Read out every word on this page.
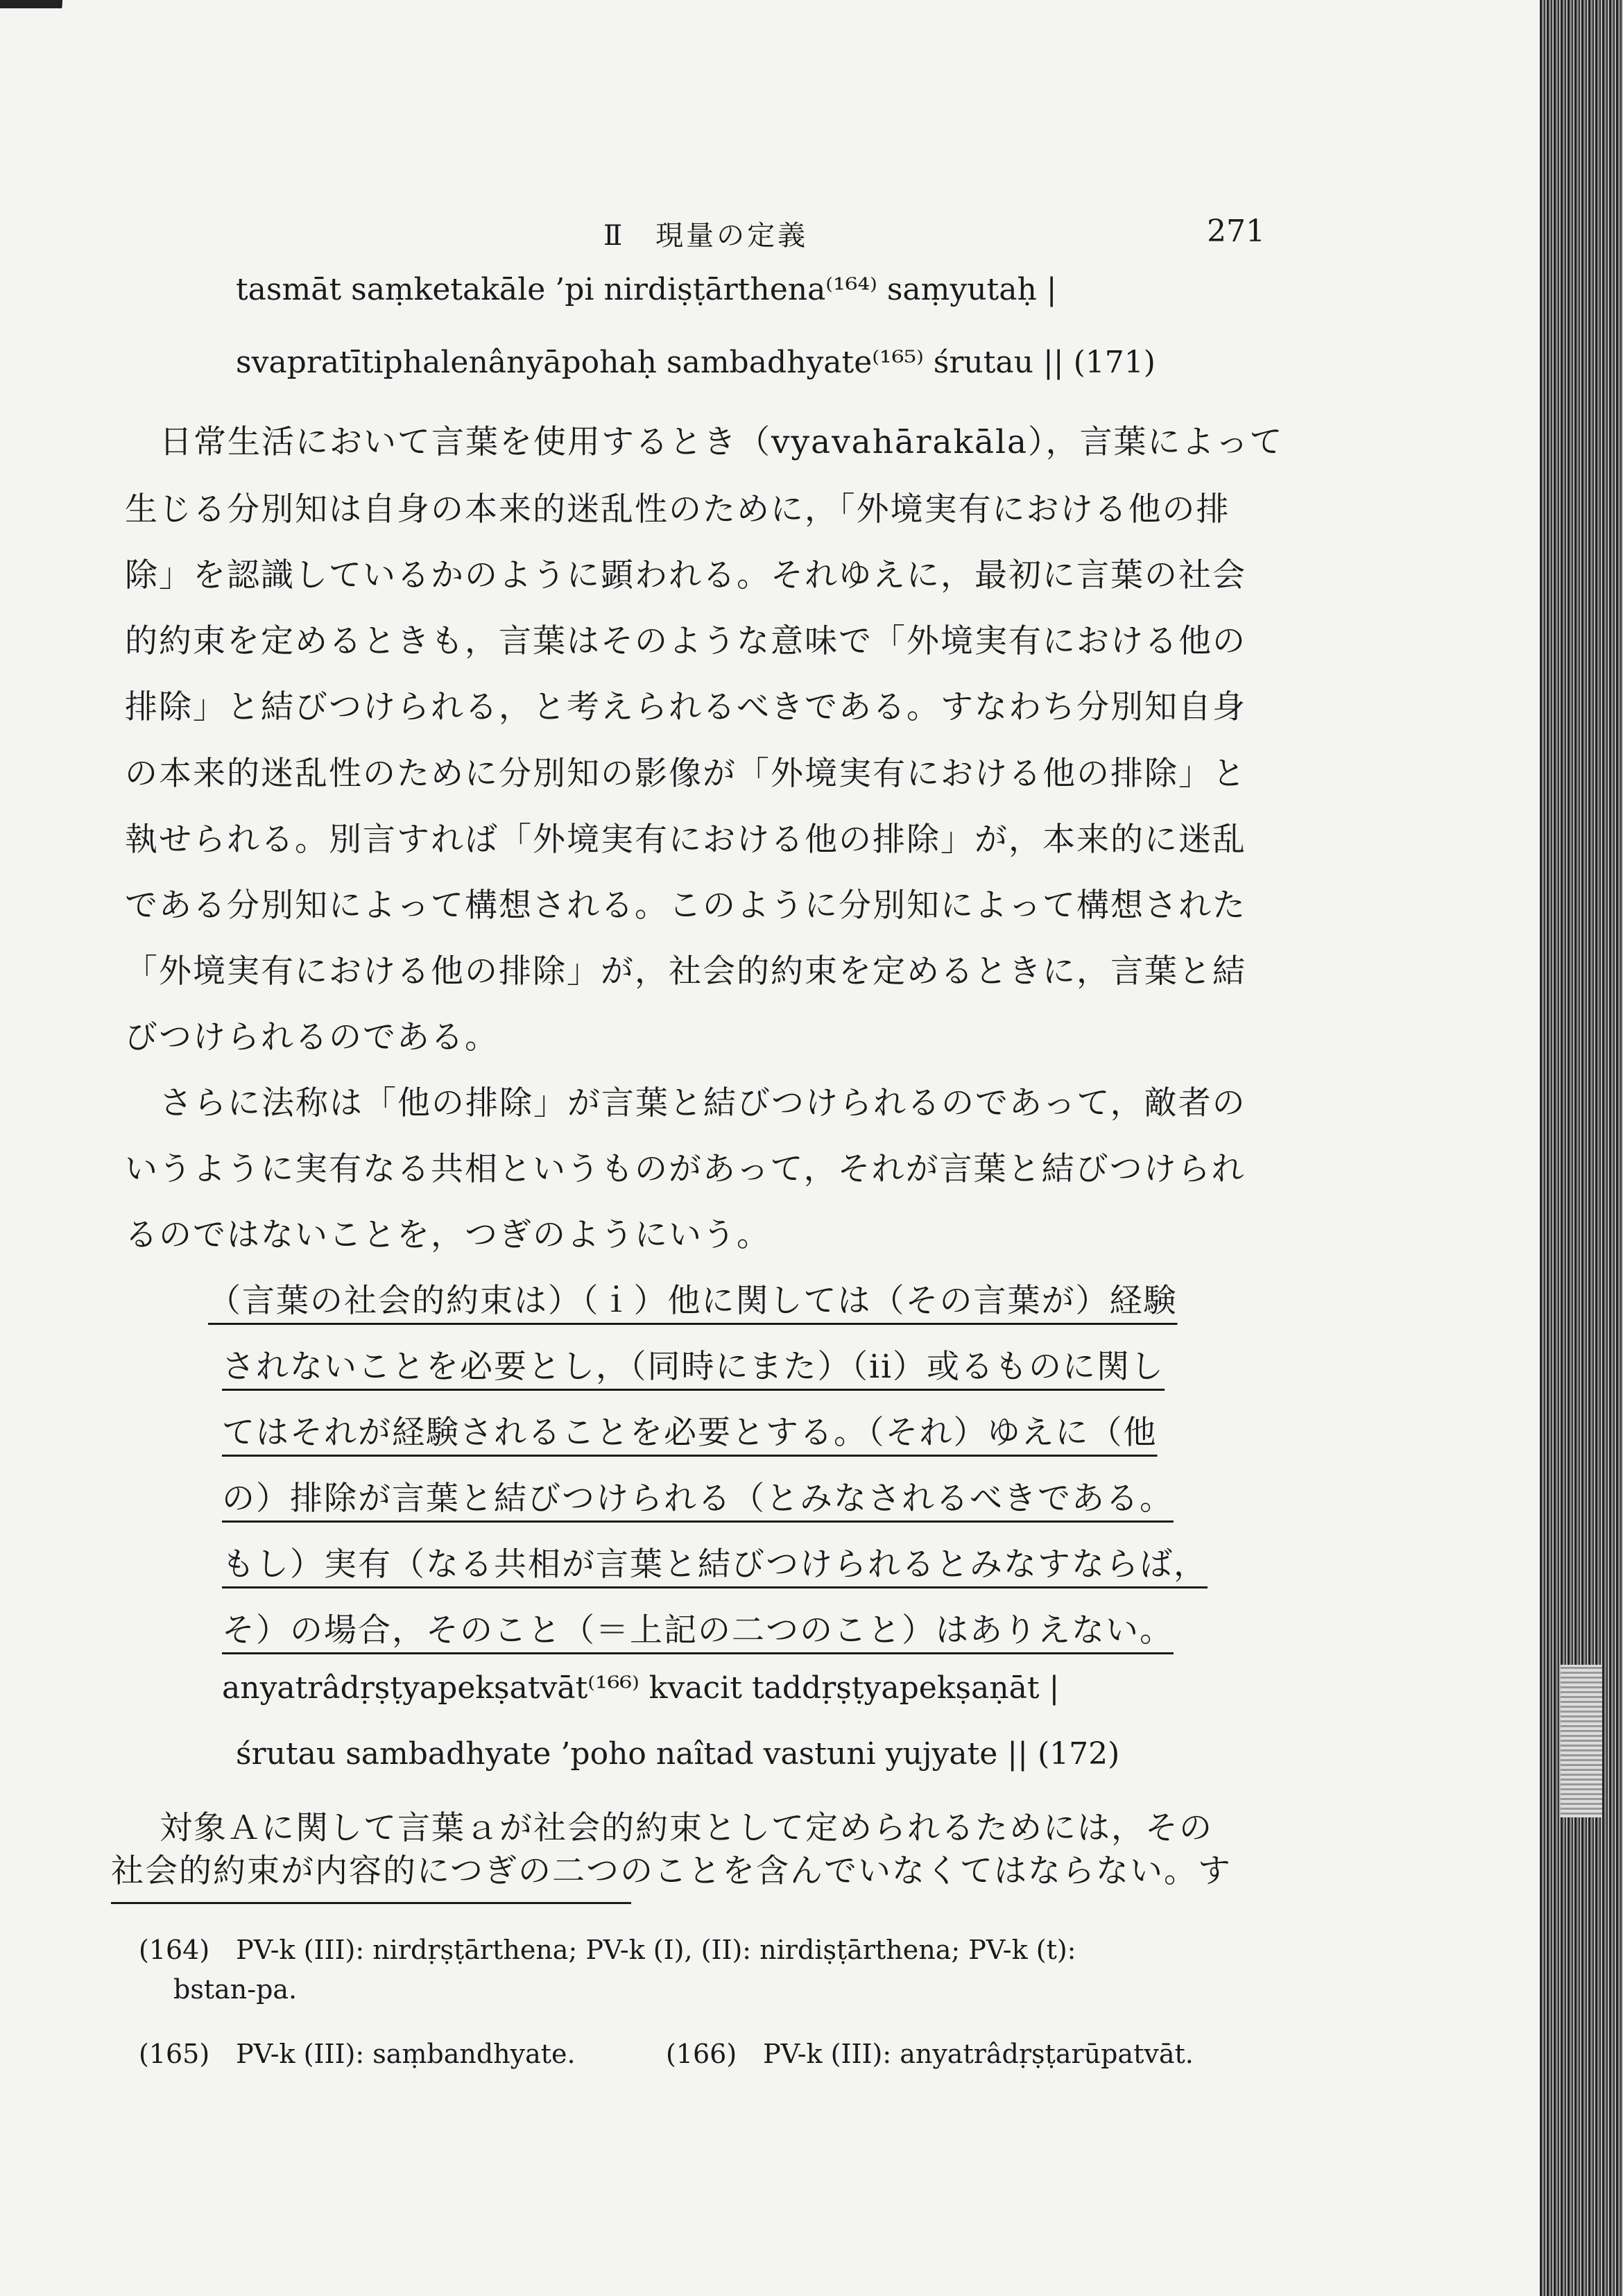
Ⅱ　現量の定義	271
tasmāt saṃketakāle ’pi nirdiṣṭārthena⁽¹⁶⁴⁾ saṃyutaḥ |
svapratītiphalenânyāpohaḥ sambadhyate⁽¹⁶⁵⁾ śrutau || (171)
日常生活において言葉を使用するとき（vyavahārakāla），言葉によって
生じる分別知は自身の本来的迷乱性のために，「外境実有における他の排
除」を認識しているかのように顕われる。それゆえに，最初に言葉の社会
的約束を定めるときも，言葉はそのような意味で「外境実有における他の
排除」と結びつけられる，と考えられるべきである。すなわち分別知自身
の本来的迷乱性のために分別知の影像が「外境実有における他の排除」と
執せられる。別言すれば「外境実有における他の排除」が，本来的に迷乱
である分別知によって構想される。このように分別知によって構想された
「外境実有における他の排除」が，社会的約束を定めるときに，言葉と結
びつけられるのである。
さらに法称は「他の排除」が言葉と結びつけられるのであって，敵者の
いうように実有なる共相というものがあって，それが言葉と結びつけられ
るのではないことを，つぎのようにいう。
（言葉の社会的約束は）（ｉ）他に関しては（その言葉が）経験
されないことを必要とし，（同時にまた）（ii）或るものに関し
てはそれが経験されることを必要とする。（それ）ゆえに（他
の）排除が言葉と結びつけられる（とみなされるべきである。
もし）実有（なる共相が言葉と結びつけられるとみなすならば，
そ）の場合，そのこと（＝上記の二つのこと）はありえない。
anyatrâdṛṣṭyapekṣatvāt⁽¹⁶⁶⁾ kvacit taddṛṣṭyapekṣaṇāt |
śrutau sambadhyate ’poho naîtad vastuni yujyate || (172)
対象Ａに関して言葉ａが社会的約束として定められるためには，その
社会的約束が内容的につぎの二つのことを含んでいなくてはならない。す
(164)　PV-k (III): nirdṛṣṭārthena; PV-k (I), (II): nirdiṣṭārthena; PV-k (t):
bstan-pa.
(165)　PV-k (III): saṃbandhyate.	(166)　PV-k (III): anyatrâdṛṣṭarūpatvāt.
